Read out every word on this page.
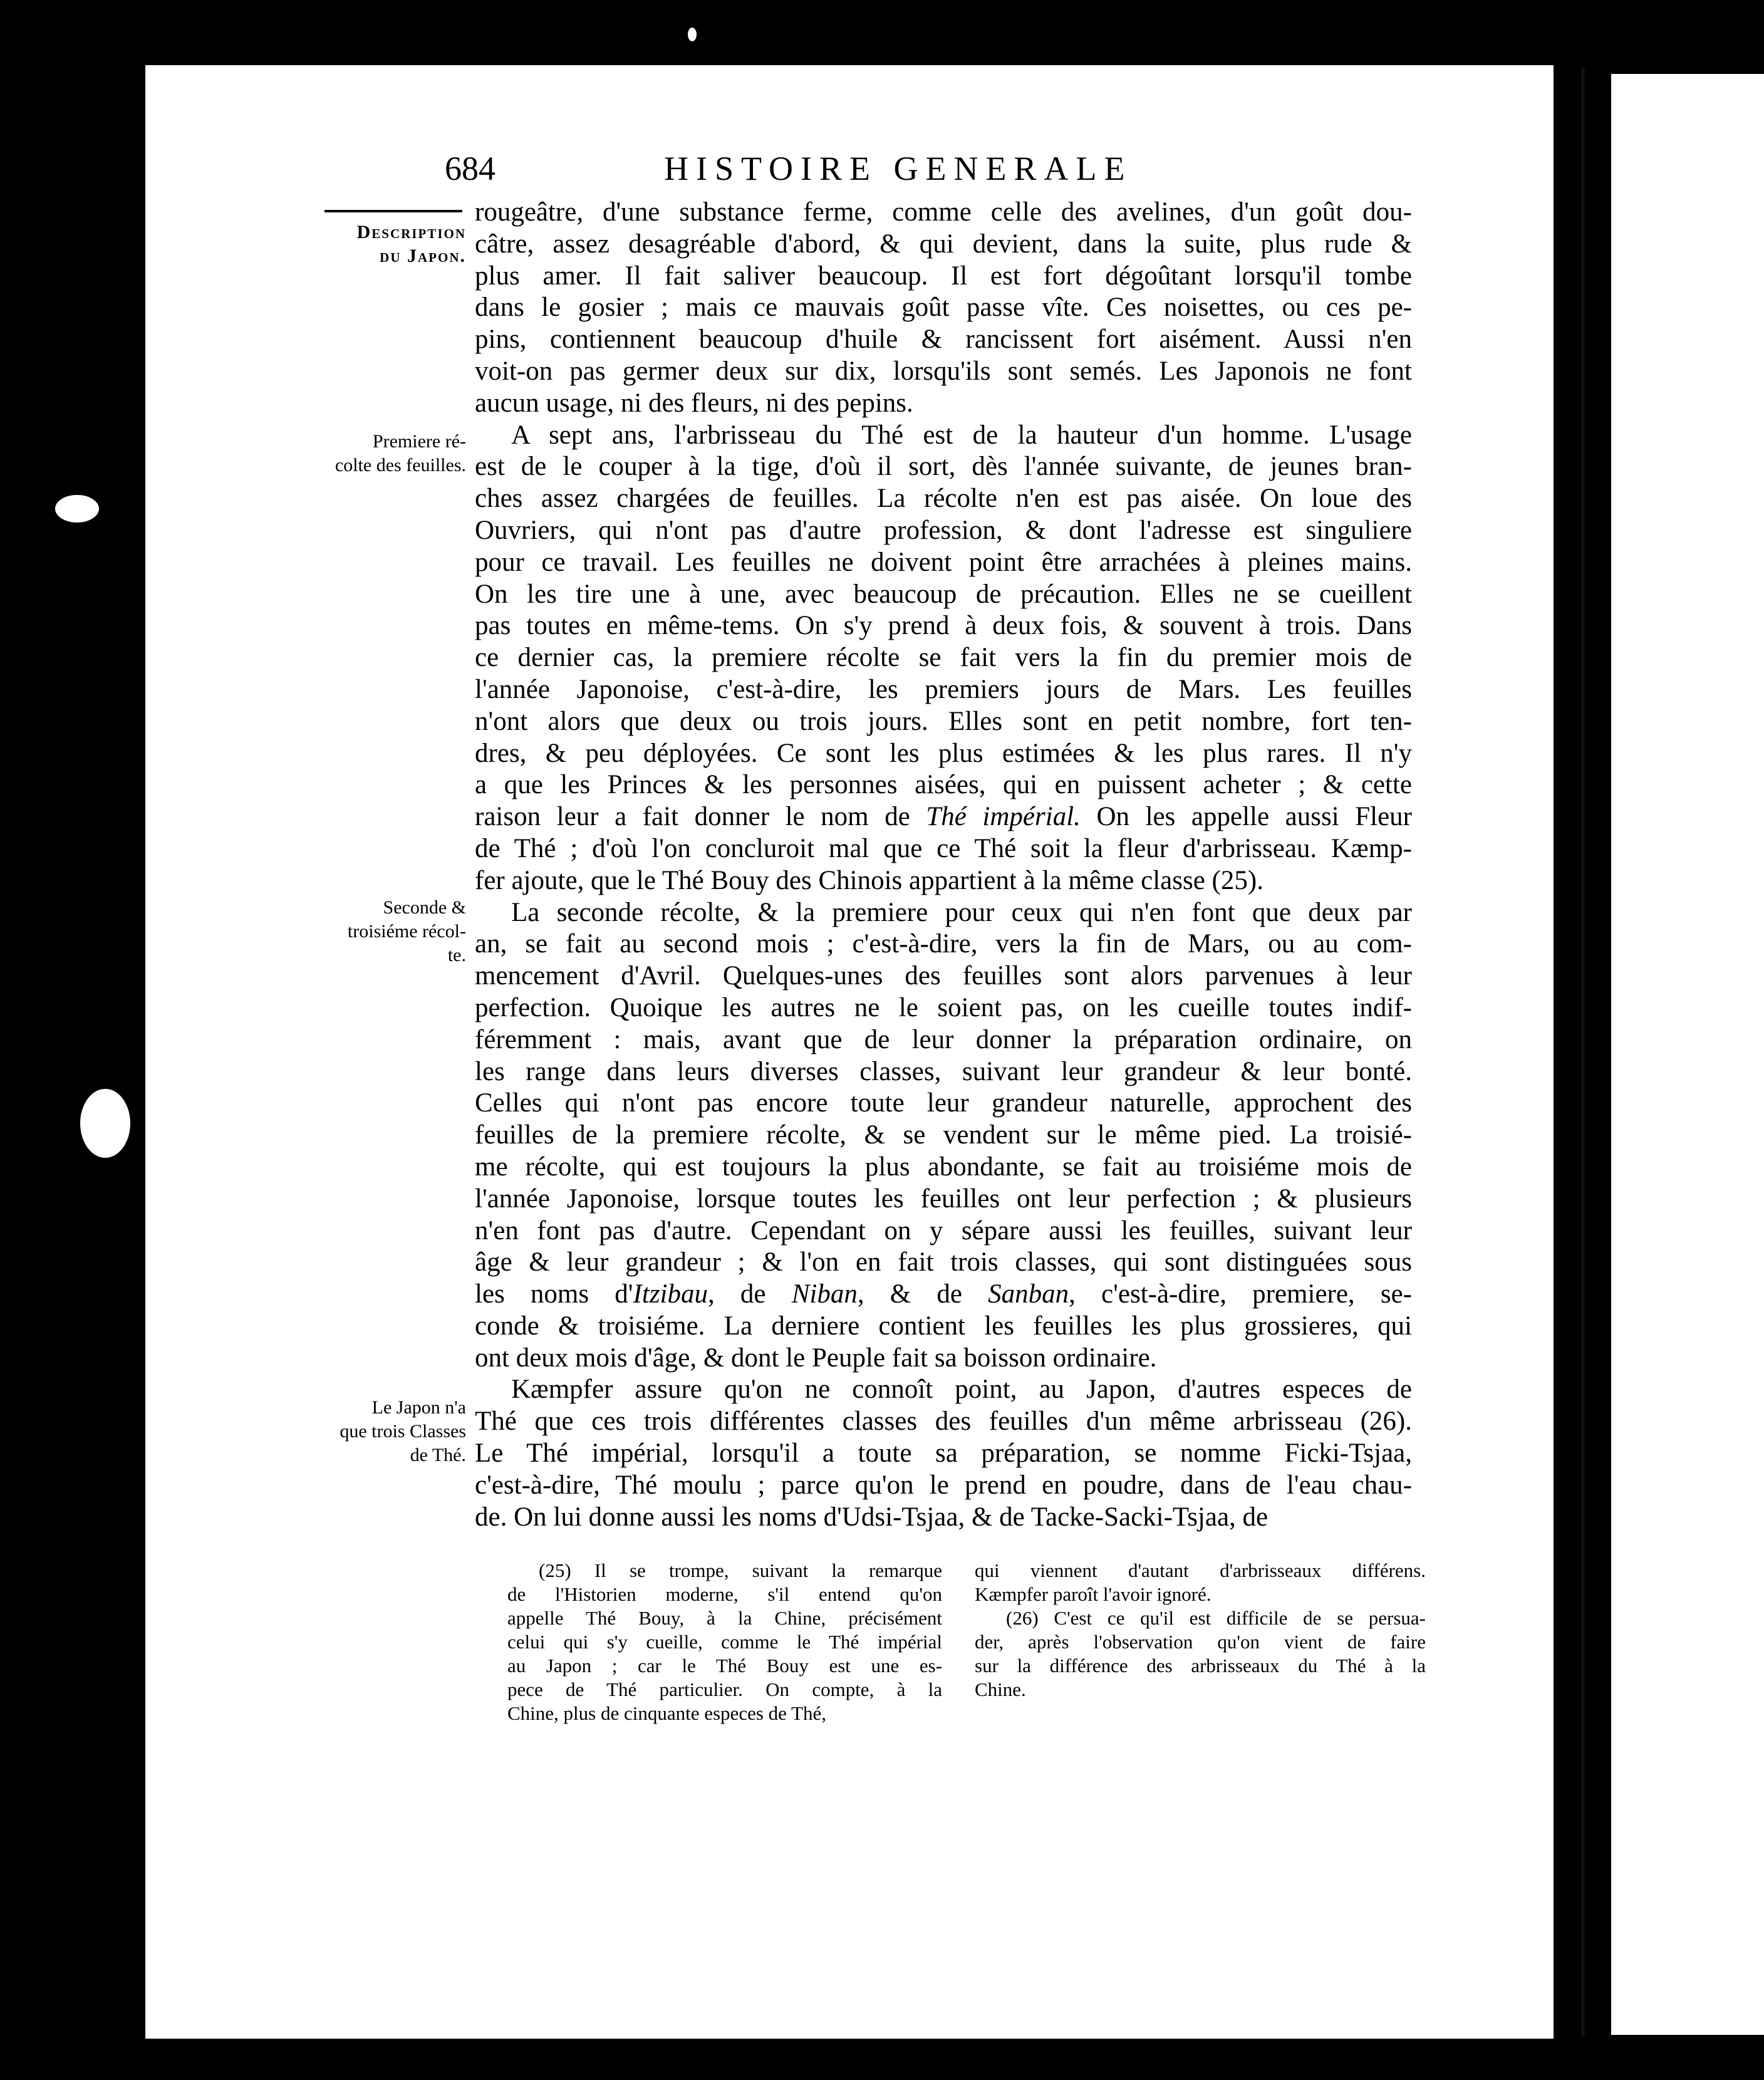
684	HISTOIRE GENERALE
Description
du Japon.
Premiere ré-
colte des feuilles.
Seconde &
troisiéme récol-
te.
Le Japon n'a
que trois Classes
de Thé.
rougeâtre, d'une substance ferme, comme celle des avelines, d'un goût dou-
câtre, assez desagréable d'abord, & qui devient, dans la suite, plus rude &
plus amer. Il fait saliver beaucoup. Il est fort dégoûtant lorsqu'il tombe
dans le gosier ; mais ce mauvais goût passe vîte. Ces noisettes, ou ces pe-
pins, contiennent beaucoup d'huile & rancissent fort aisément. Aussi n'en
voit-on pas germer deux sur dix, lorsqu'ils sont semés. Les Japonois ne font
aucun usage, ni des fleurs, ni des pepins.
A sept ans, l'arbrisseau du Thé est de la hauteur d'un homme. L'usage
est de le couper à la tige, d'où il sort, dès l'année suivante, de jeunes bran-
ches assez chargées de feuilles. La récolte n'en est pas aisée. On loue des
Ouvriers, qui n'ont pas d'autre profession, & dont l'adresse est singuliere
pour ce travail. Les feuilles ne doivent point être arrachées à pleines mains.
On les tire une à une, avec beaucoup de précaution. Elles ne se cueillent
pas toutes en même-tems. On s'y prend à deux fois, & souvent à trois. Dans
ce dernier cas, la premiere récolte se fait vers la fin du premier mois de
l'année Japonoise, c'est-à-dire, les premiers jours de Mars. Les feuilles
n'ont alors que deux ou trois jours. Elles sont en petit nombre, fort ten-
dres, & peu déployées. Ce sont les plus estimées & les plus rares. Il n'y
a que les Princes & les personnes aisées, qui en puissent acheter ; & cette
raison leur a fait donner le nom de Thé impérial. On les appelle aussi Fleur
de Thé ; d'où l'on concluroit mal que ce Thé soit la fleur d'arbrisseau. Kæmp-
fer ajoute, que le Thé Bouy des Chinois appartient à la même classe (25).
La seconde récolte, & la premiere pour ceux qui n'en font que deux par
an, se fait au second mois ; c'est-à-dire, vers la fin de Mars, ou au com-
mencement d'Avril. Quelques-unes des feuilles sont alors parvenues à leur
perfection. Quoique les autres ne le soient pas, on les cueille toutes indif-
féremment : mais, avant que de leur donner la préparation ordinaire, on
les range dans leurs diverses classes, suivant leur grandeur & leur bonté.
Celles qui n'ont pas encore toute leur grandeur naturelle, approchent des
feuilles de la premiere récolte, & se vendent sur le même pied. La troisié-
me récolte, qui est toujours la plus abondante, se fait au troisiéme mois de
l'année Japonoise, lorsque toutes les feuilles ont leur perfection ; & plusieurs
n'en font pas d'autre. Cependant on y sépare aussi les feuilles, suivant leur
âge & leur grandeur ; & l'on en fait trois classes, qui sont distinguées sous
les noms d'Itzibau, de Niban, & de Sanban, c'est-à-dire, premiere, se-
conde & troisiéme. La derniere contient les feuilles les plus grossieres, qui
ont deux mois d'âge, & dont le Peuple fait sa boisson ordinaire.
Kæmpfer assure qu'on ne connoît point, au Japon, d'autres especes de
Thé que ces trois différentes classes des feuilles d'un même arbrisseau (26).
Le Thé impérial, lorsqu'il a toute sa préparation, se nomme Ficki-Tsjaa,
c'est-à-dire, Thé moulu ; parce qu'on le prend en poudre, dans de l'eau chau-
de. On lui donne aussi les noms d'Udsi-Tsjaa, & de Tacke-Sacki-Tsjaa, de
(25) Il se trompe, suivant la remarque
de l'Historien moderne, s'il entend qu'on
appelle Thé Bouy, à la Chine, précisément
celui qui s'y cueille, comme le Thé impérial
au Japon ; car le Thé Bouy est une es-
pece de Thé particulier. On compte, à la
Chine, plus de cinquante especes de Thé,
qui viennent d'autant d'arbrisseaux différens.
Kæmpfer paroît l'avoir ignoré.
(26) C'est ce qu'il est difficile de se persua-
der, après l'observation qu'on vient de faire
sur la différence des arbrisseaux du Thé à la
Chine.
